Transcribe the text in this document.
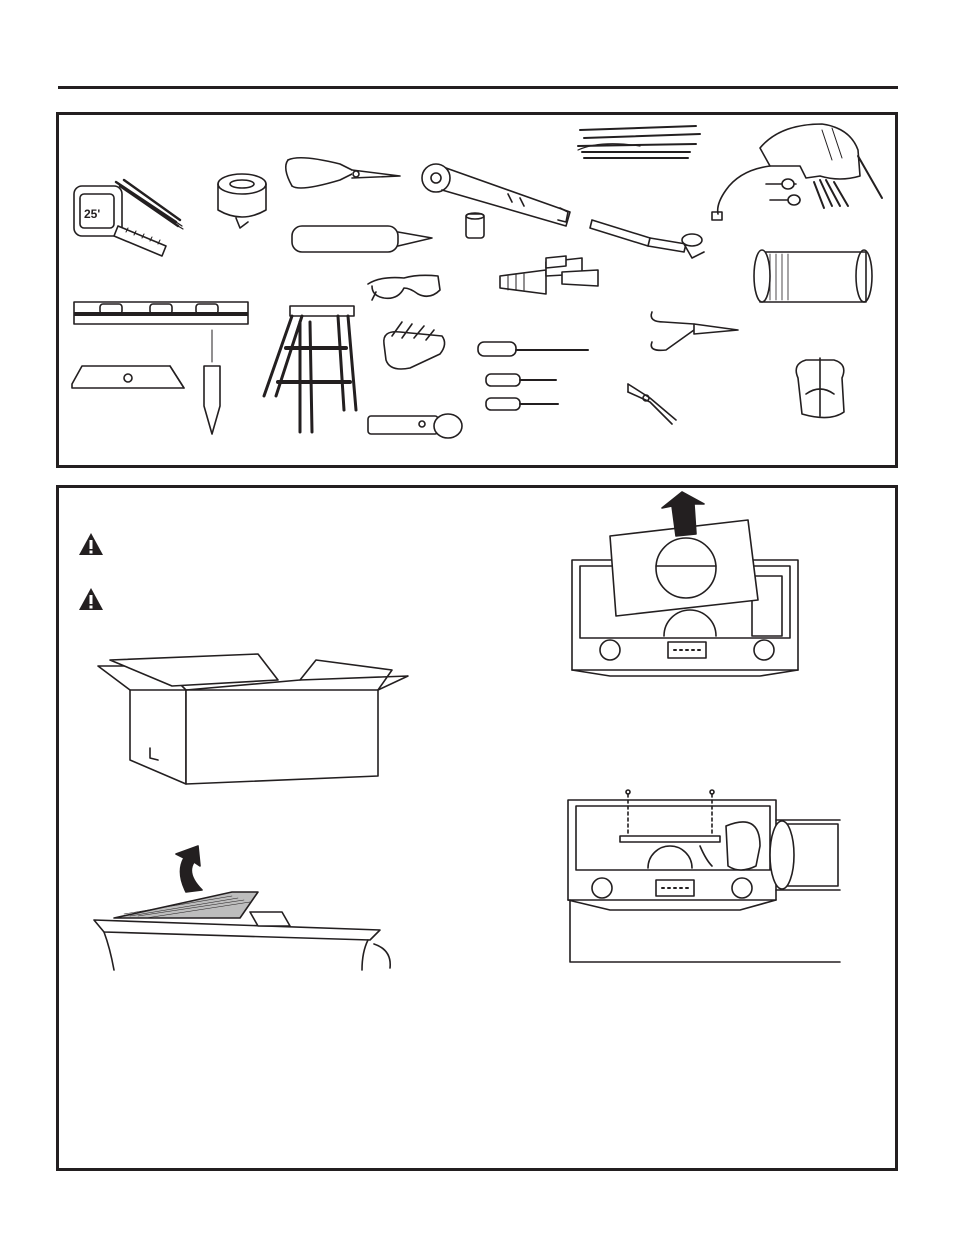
25'
